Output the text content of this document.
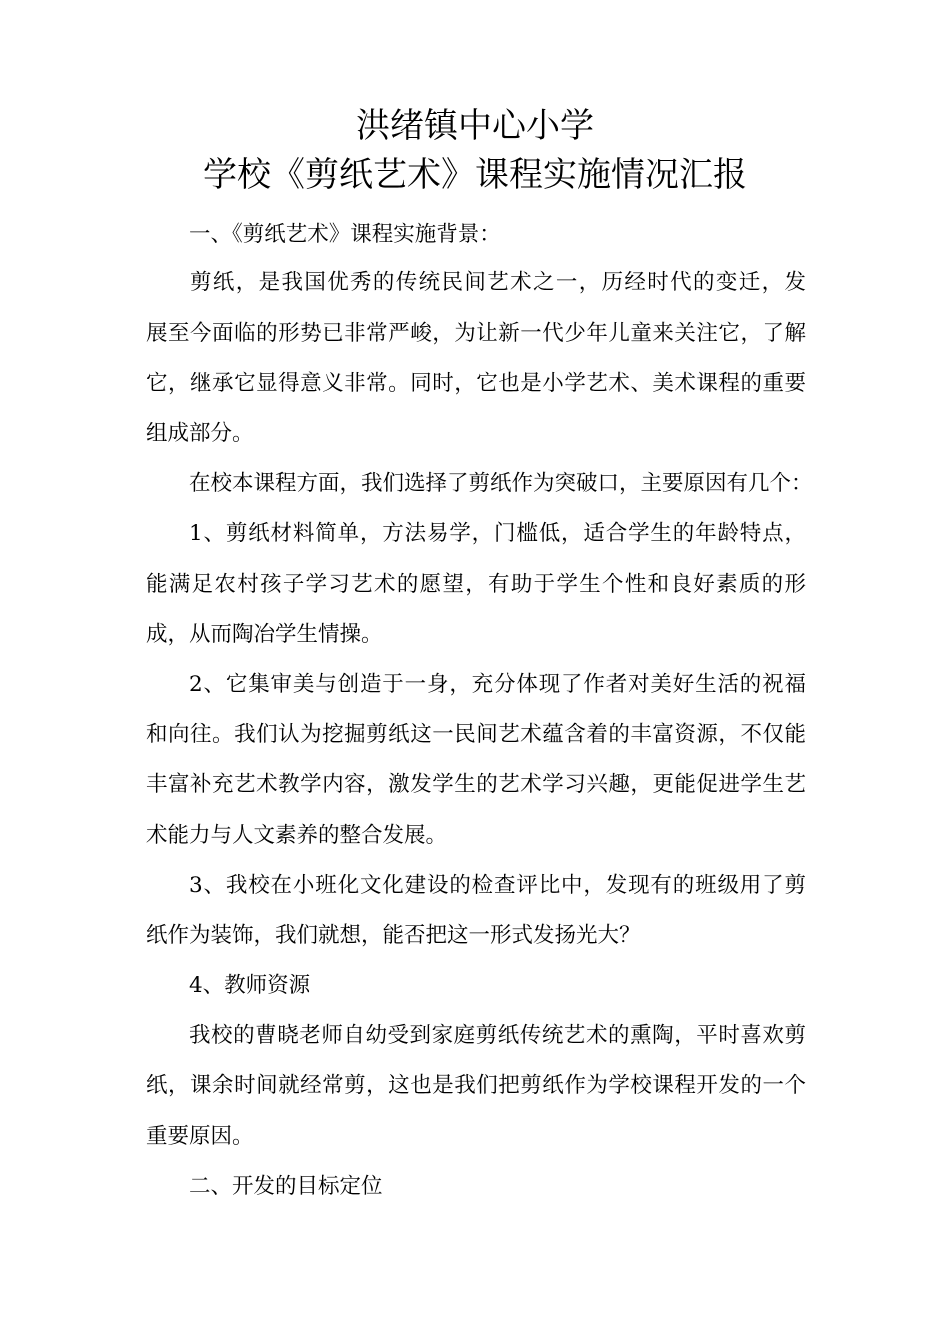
洪绪镇中心小学
学校《剪纸艺术》课程实施情况汇报
一、《剪纸艺术》课程实施背景：
剪纸，是我国优秀的传统民间艺术之一，历经时代的变迁，发
展至今面临的形势已非常严峻，为让新一代少年儿童来关注它，了解
它，继承它显得意义非常。同时，它也是小学艺术、美术课程的重要
组成部分。
在校本课程方面，我们选择了剪纸作为突破口，主要原因有几个：
1、剪纸材料简单，方法易学，门槛低，适合学生的年龄特点，
能满足农村孩子学习艺术的愿望，有助于学生个性和良好素质的形
成，从而陶冶学生情操。
2、它集审美与创造于一身，充分体现了作者对美好生活的祝福
和向往。我们认为挖掘剪纸这一民间艺术蕴含着的丰富资源，不仅能
丰富补充艺术教学内容，激发学生的艺术学习兴趣，更能促进学生艺
术能力与人文素养的整合发展。
3、我校在小班化文化建设的检查评比中，发现有的班级用了剪
纸作为装饰，我们就想，能否把这一形式发扬光大？
4、教师资源
我校的曹晓老师自幼受到家庭剪纸传统艺术的熏陶，平时喜欢剪
纸，课余时间就经常剪，这也是我们把剪纸作为学校课程开发的一个
重要原因。
二、开发的目标定位
